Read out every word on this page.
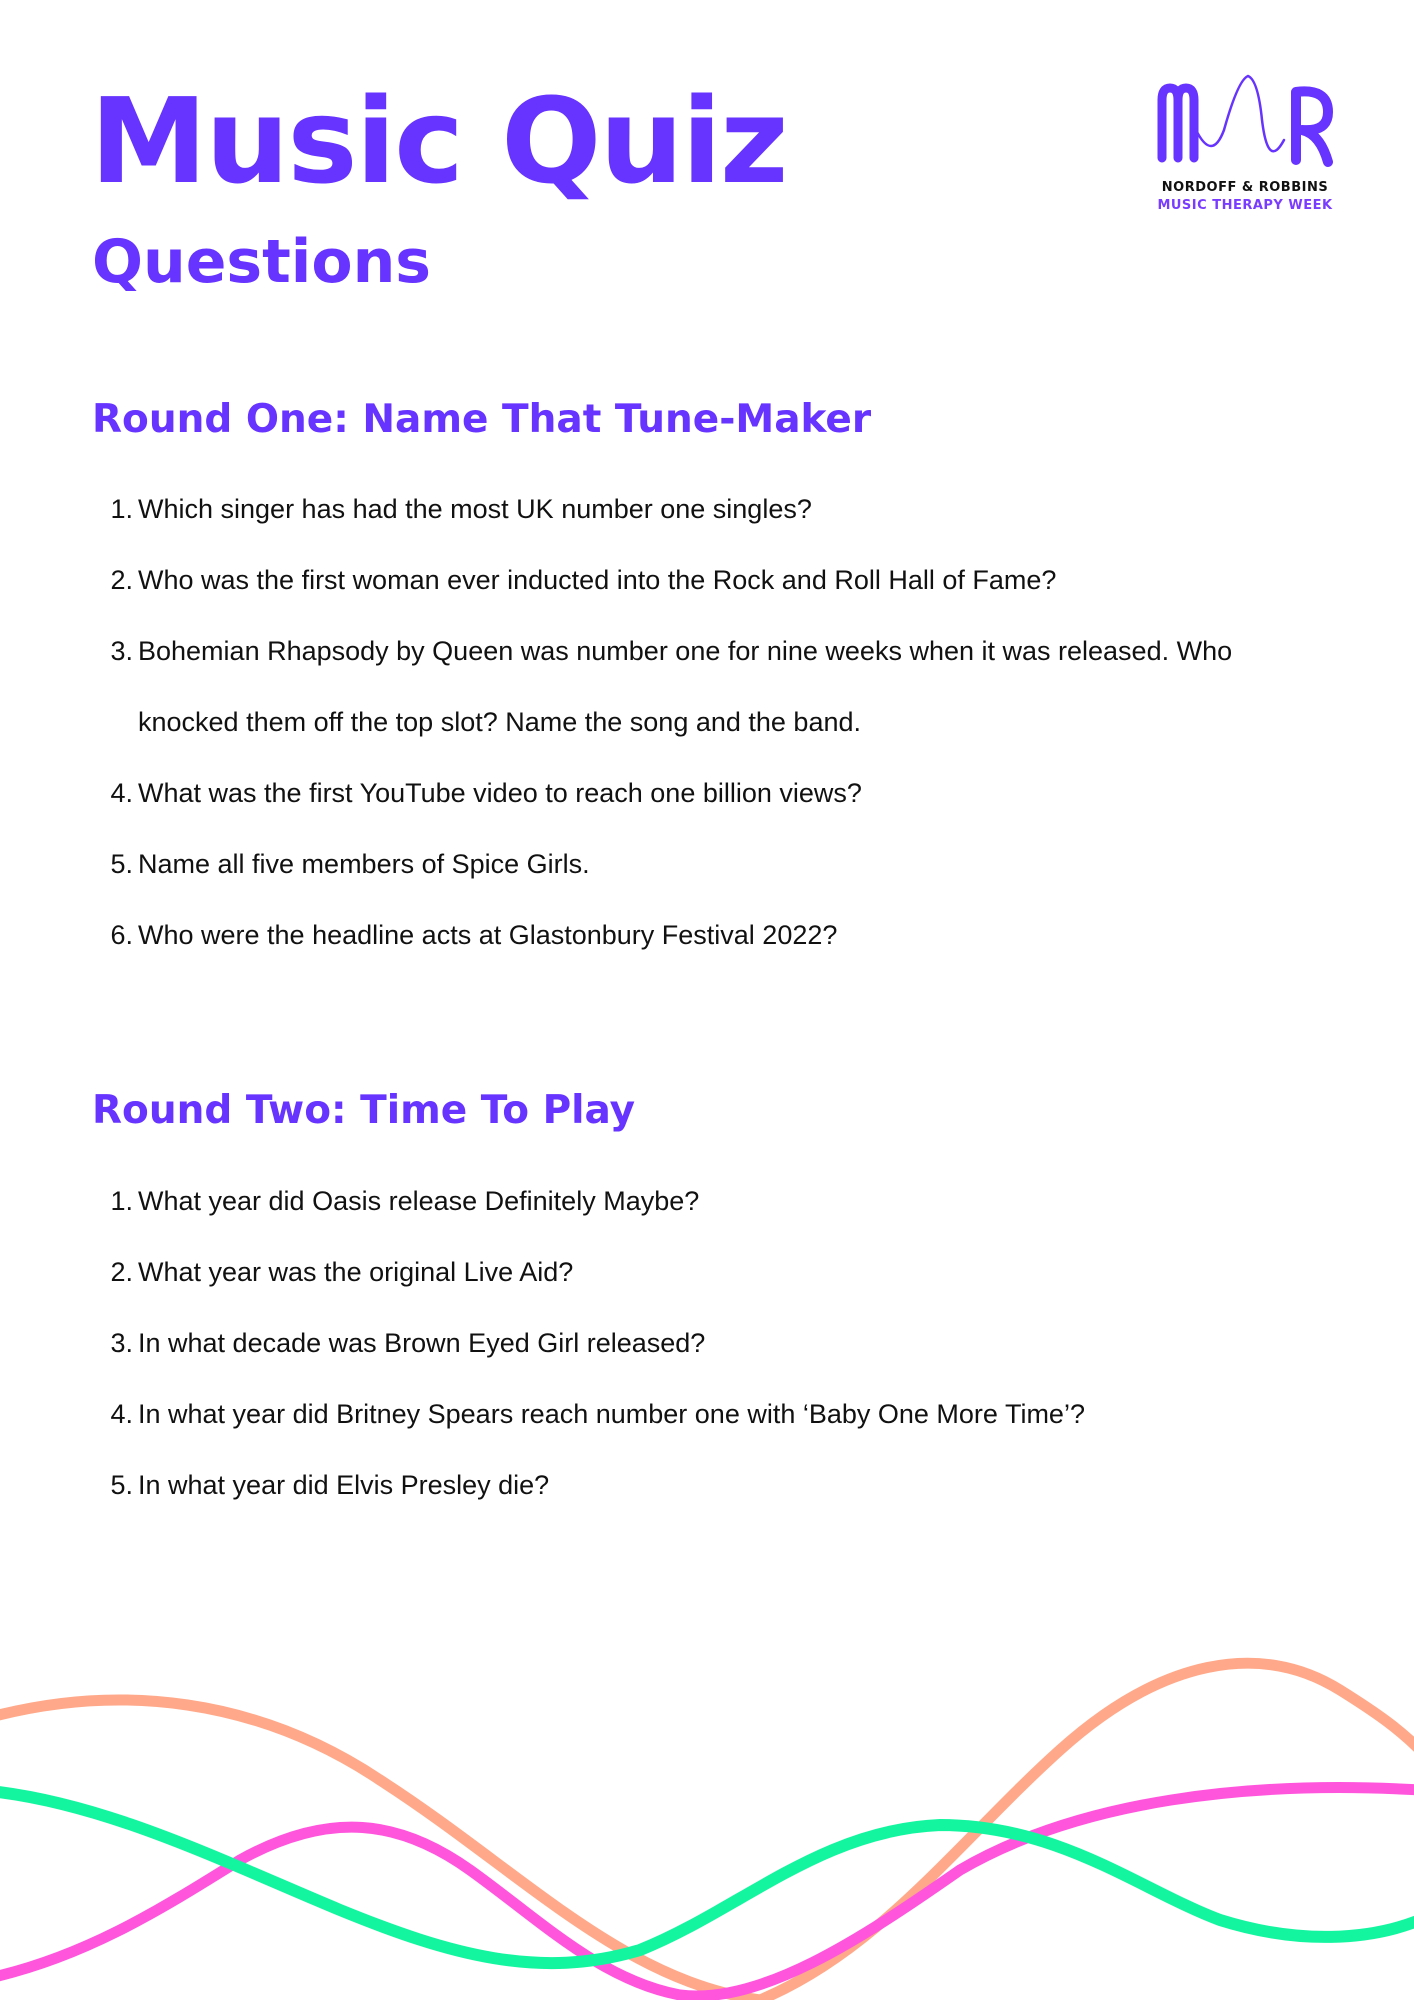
Music Quiz
Questions
NORDOFF & ROBBINS
MUSIC THERAPY WEEK
Round One: Name That Tune-Maker
1. Which singer has had the most UK number one singles?
2. Who was the first woman ever inducted into the Rock and Roll Hall of Fame?
3. Bohemian Rhapsody by Queen was number one for nine weeks when it was released. Who knocked them off the top slot? Name the song and the band.
4. What was the first YouTube video to reach one billion views?
5. Name all five members of Spice Girls.
6. Who were the headline acts at Glastonbury Festival 2022?
Round Two: Time To Play
1. What year did Oasis release Definitely Maybe?
2. What year was the original Live Aid?
3. In what decade was Brown Eyed Girl released?
4. In what year did Britney Spears reach number one with ‘Baby One More Time’?
5. In what year did Elvis Presley die?
